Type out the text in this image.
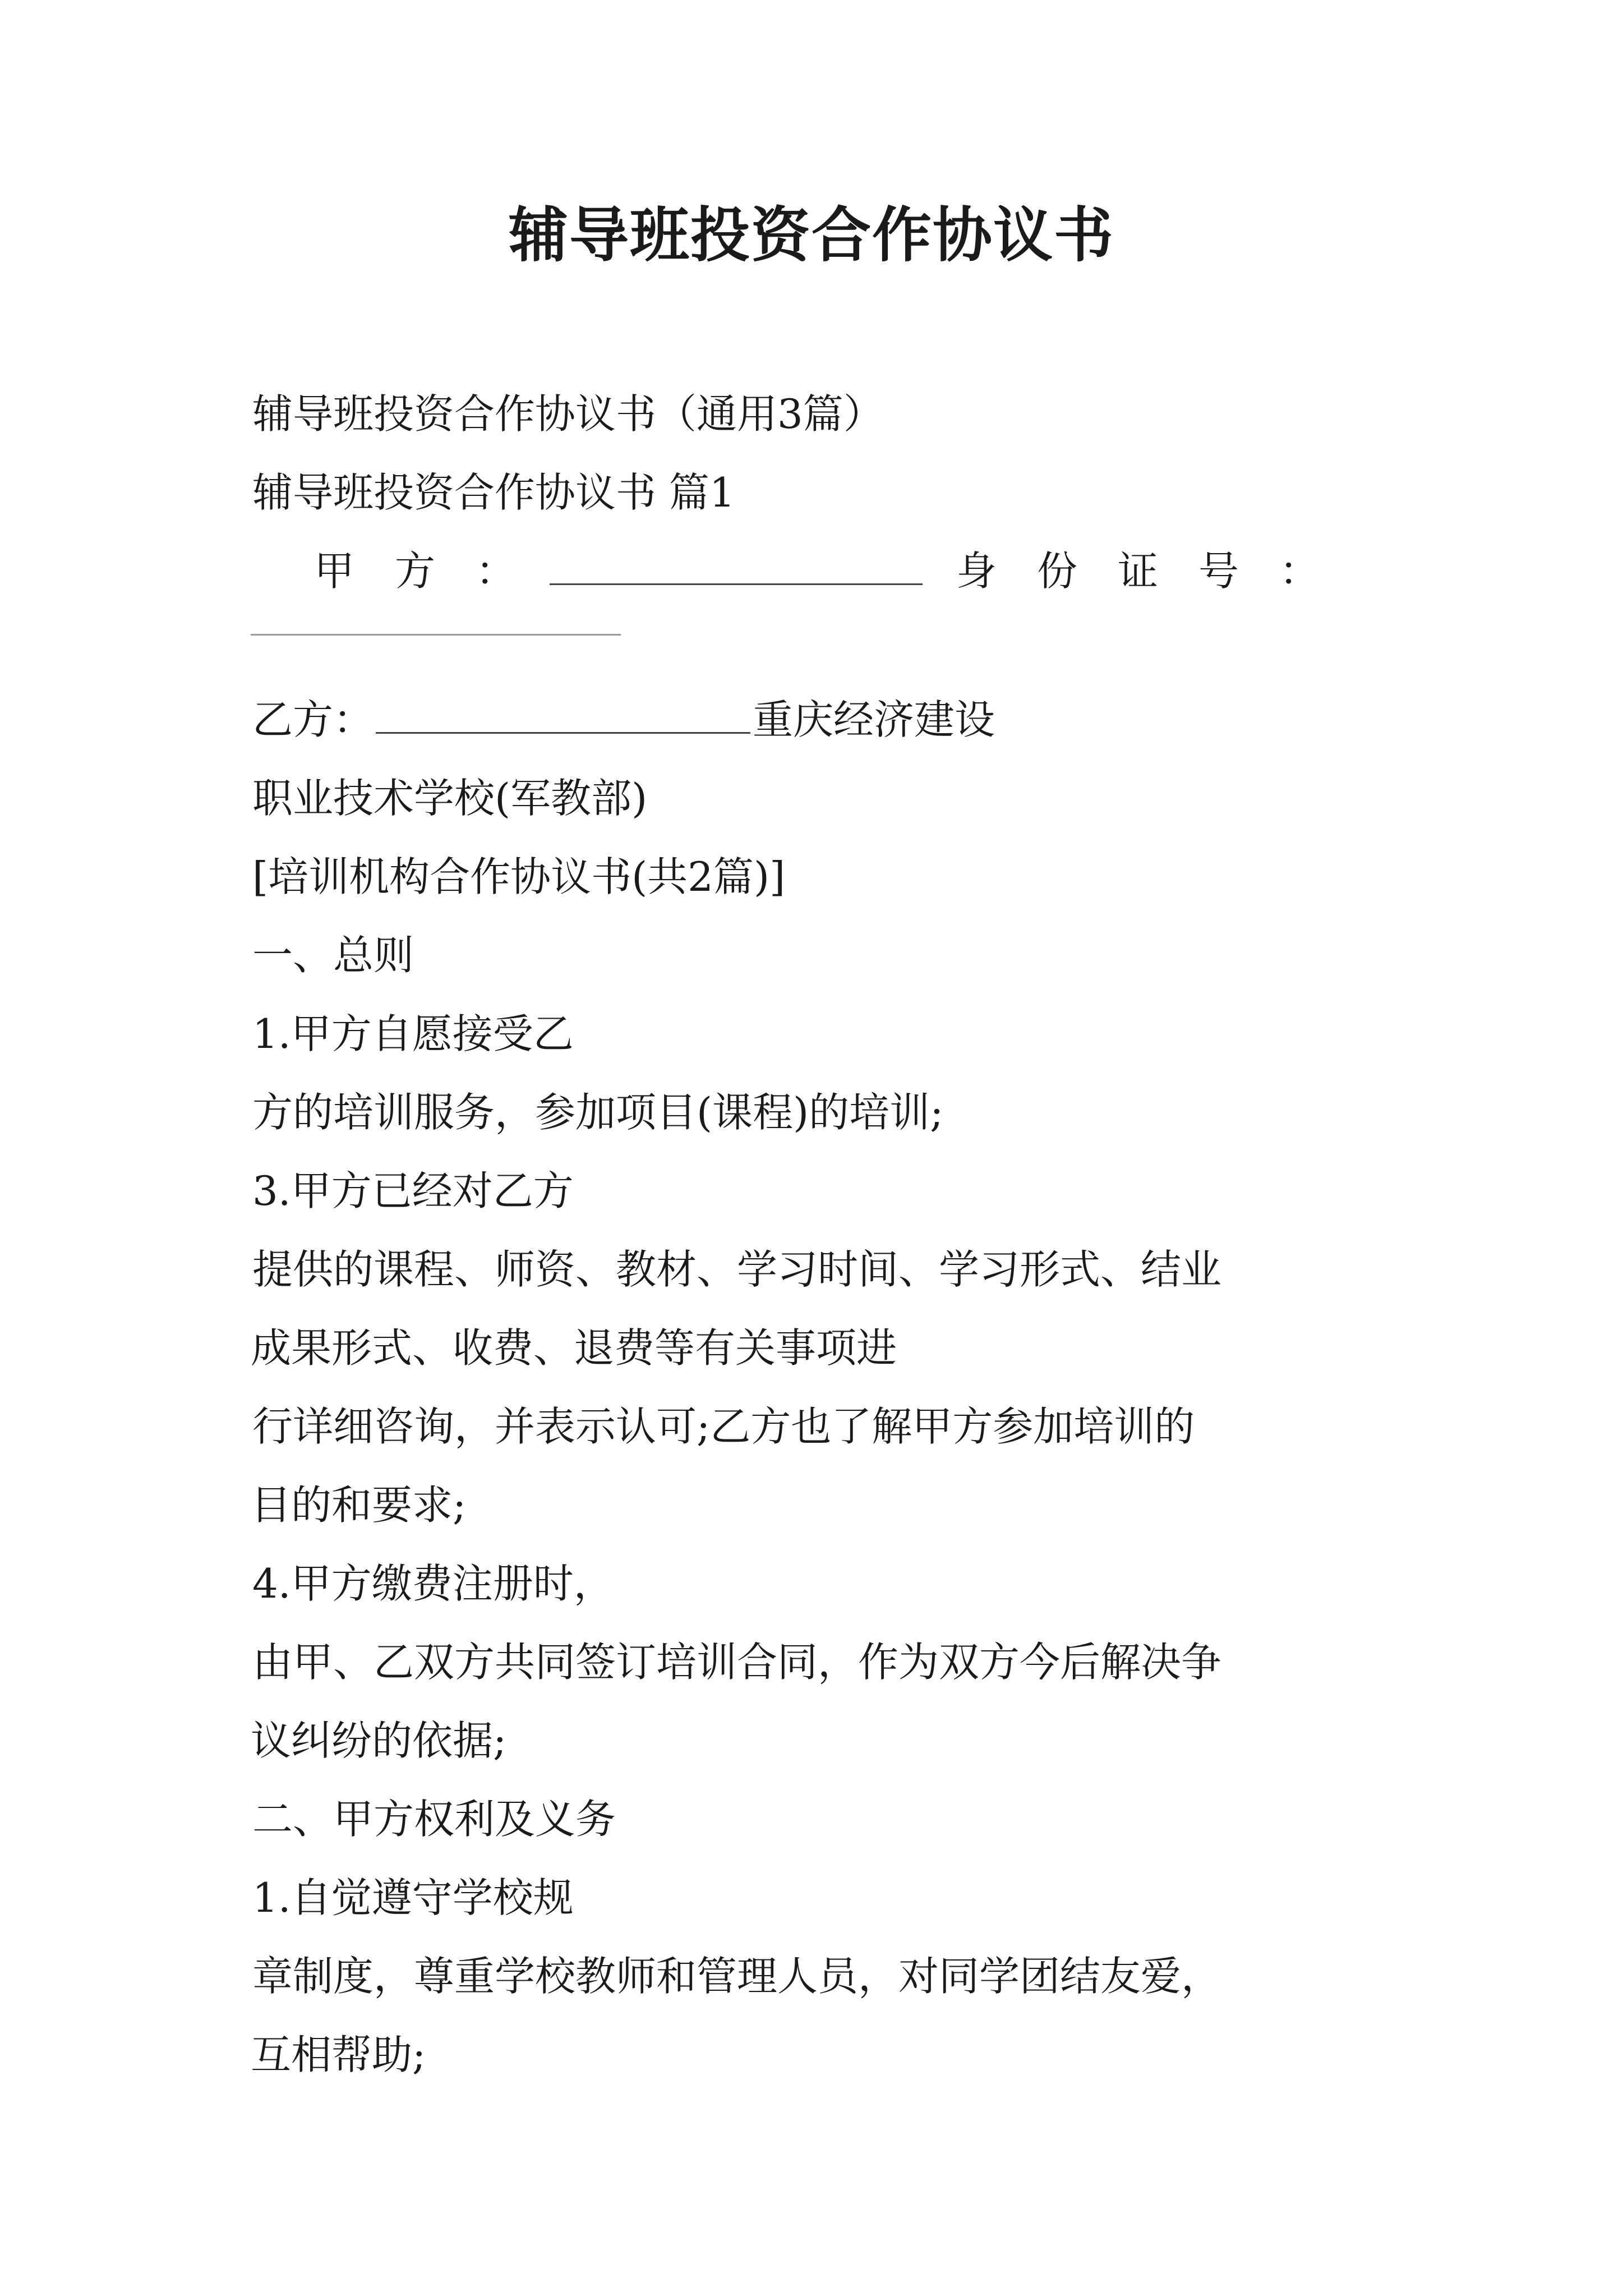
辅导班投资合作协议书
辅导班投资合作协议书（通用3篇）
辅导班投资合作协议书 篇1
甲　方　：	身　份　证　号　：
乙方：	重庆经济建设
职业技术学校(军教部)
[培训机构合作协议书(共2篇)]
一、总则
1.甲方自愿接受乙
方的培训服务，参加项目(课程)的培训;
3.甲方已经对乙方
提供的课程、师资、教材、学习时间、学习形式、结业
成果形式、收费、退费等有关事项进
行详细咨询，并表示认可;乙方也了解甲方参加培训的
目的和要求;
4.甲方缴费注册时，
由甲、乙双方共同签订培训合同，作为双方今后解决争
议纠纷的依据;
二、甲方权利及义务
1.自觉遵守学校规
章制度，尊重学校教师和管理人员，对同学团结友爱，
互相帮助;
